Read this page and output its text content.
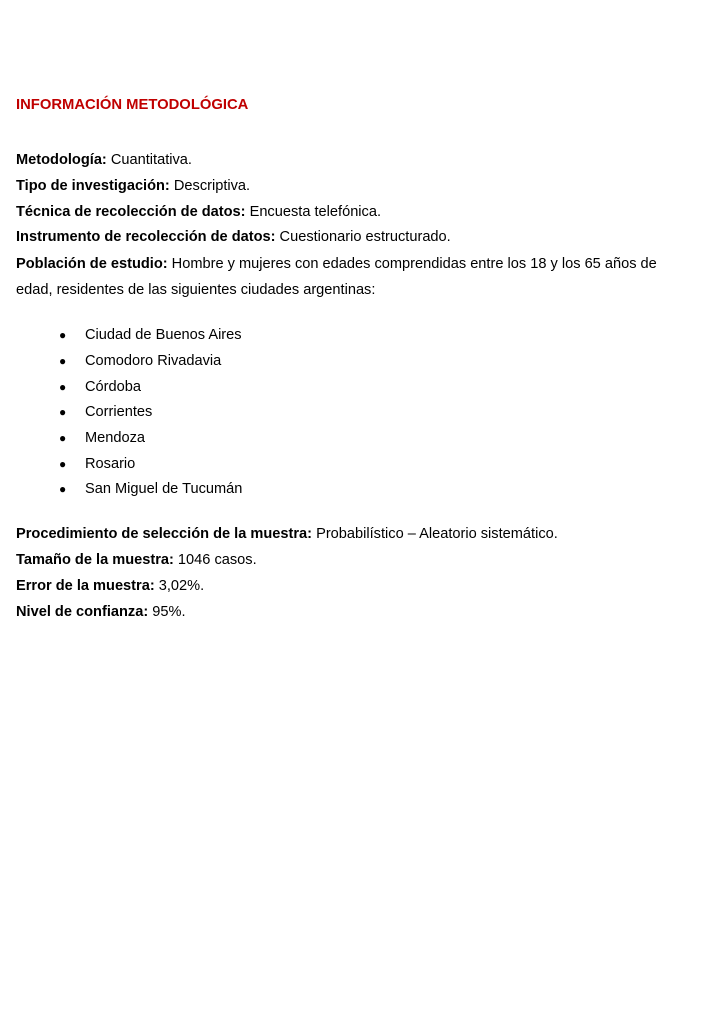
INFORMACIÓN METODOLÓGICA

Metodología: Cuantitativa.

Tipo de investigación: Descriptiva.

Técnica de recolección de datos: Encuesta telefónica.

Instrumento de recolección de datos: Cuestionario estructurado.

Población de estudio: Hombre y mujeres con edades comprendidas entre los 18 y los 65 años de edad, residentes de las siguientes ciudades argentinas:

● Ciudad de Buenos Aires
● Comodoro Rivadavia
● Córdoba
● Corrientes
● Mendoza
● Rosario
● San Miguel de Tucumán

Procedimiento de selección de la muestra: Probabilístico – Aleatorio sistemático.

Tamaño de la muestra: 1046 casos.

Error de la muestra: 3,02%.

Nivel de confianza: 95%.
